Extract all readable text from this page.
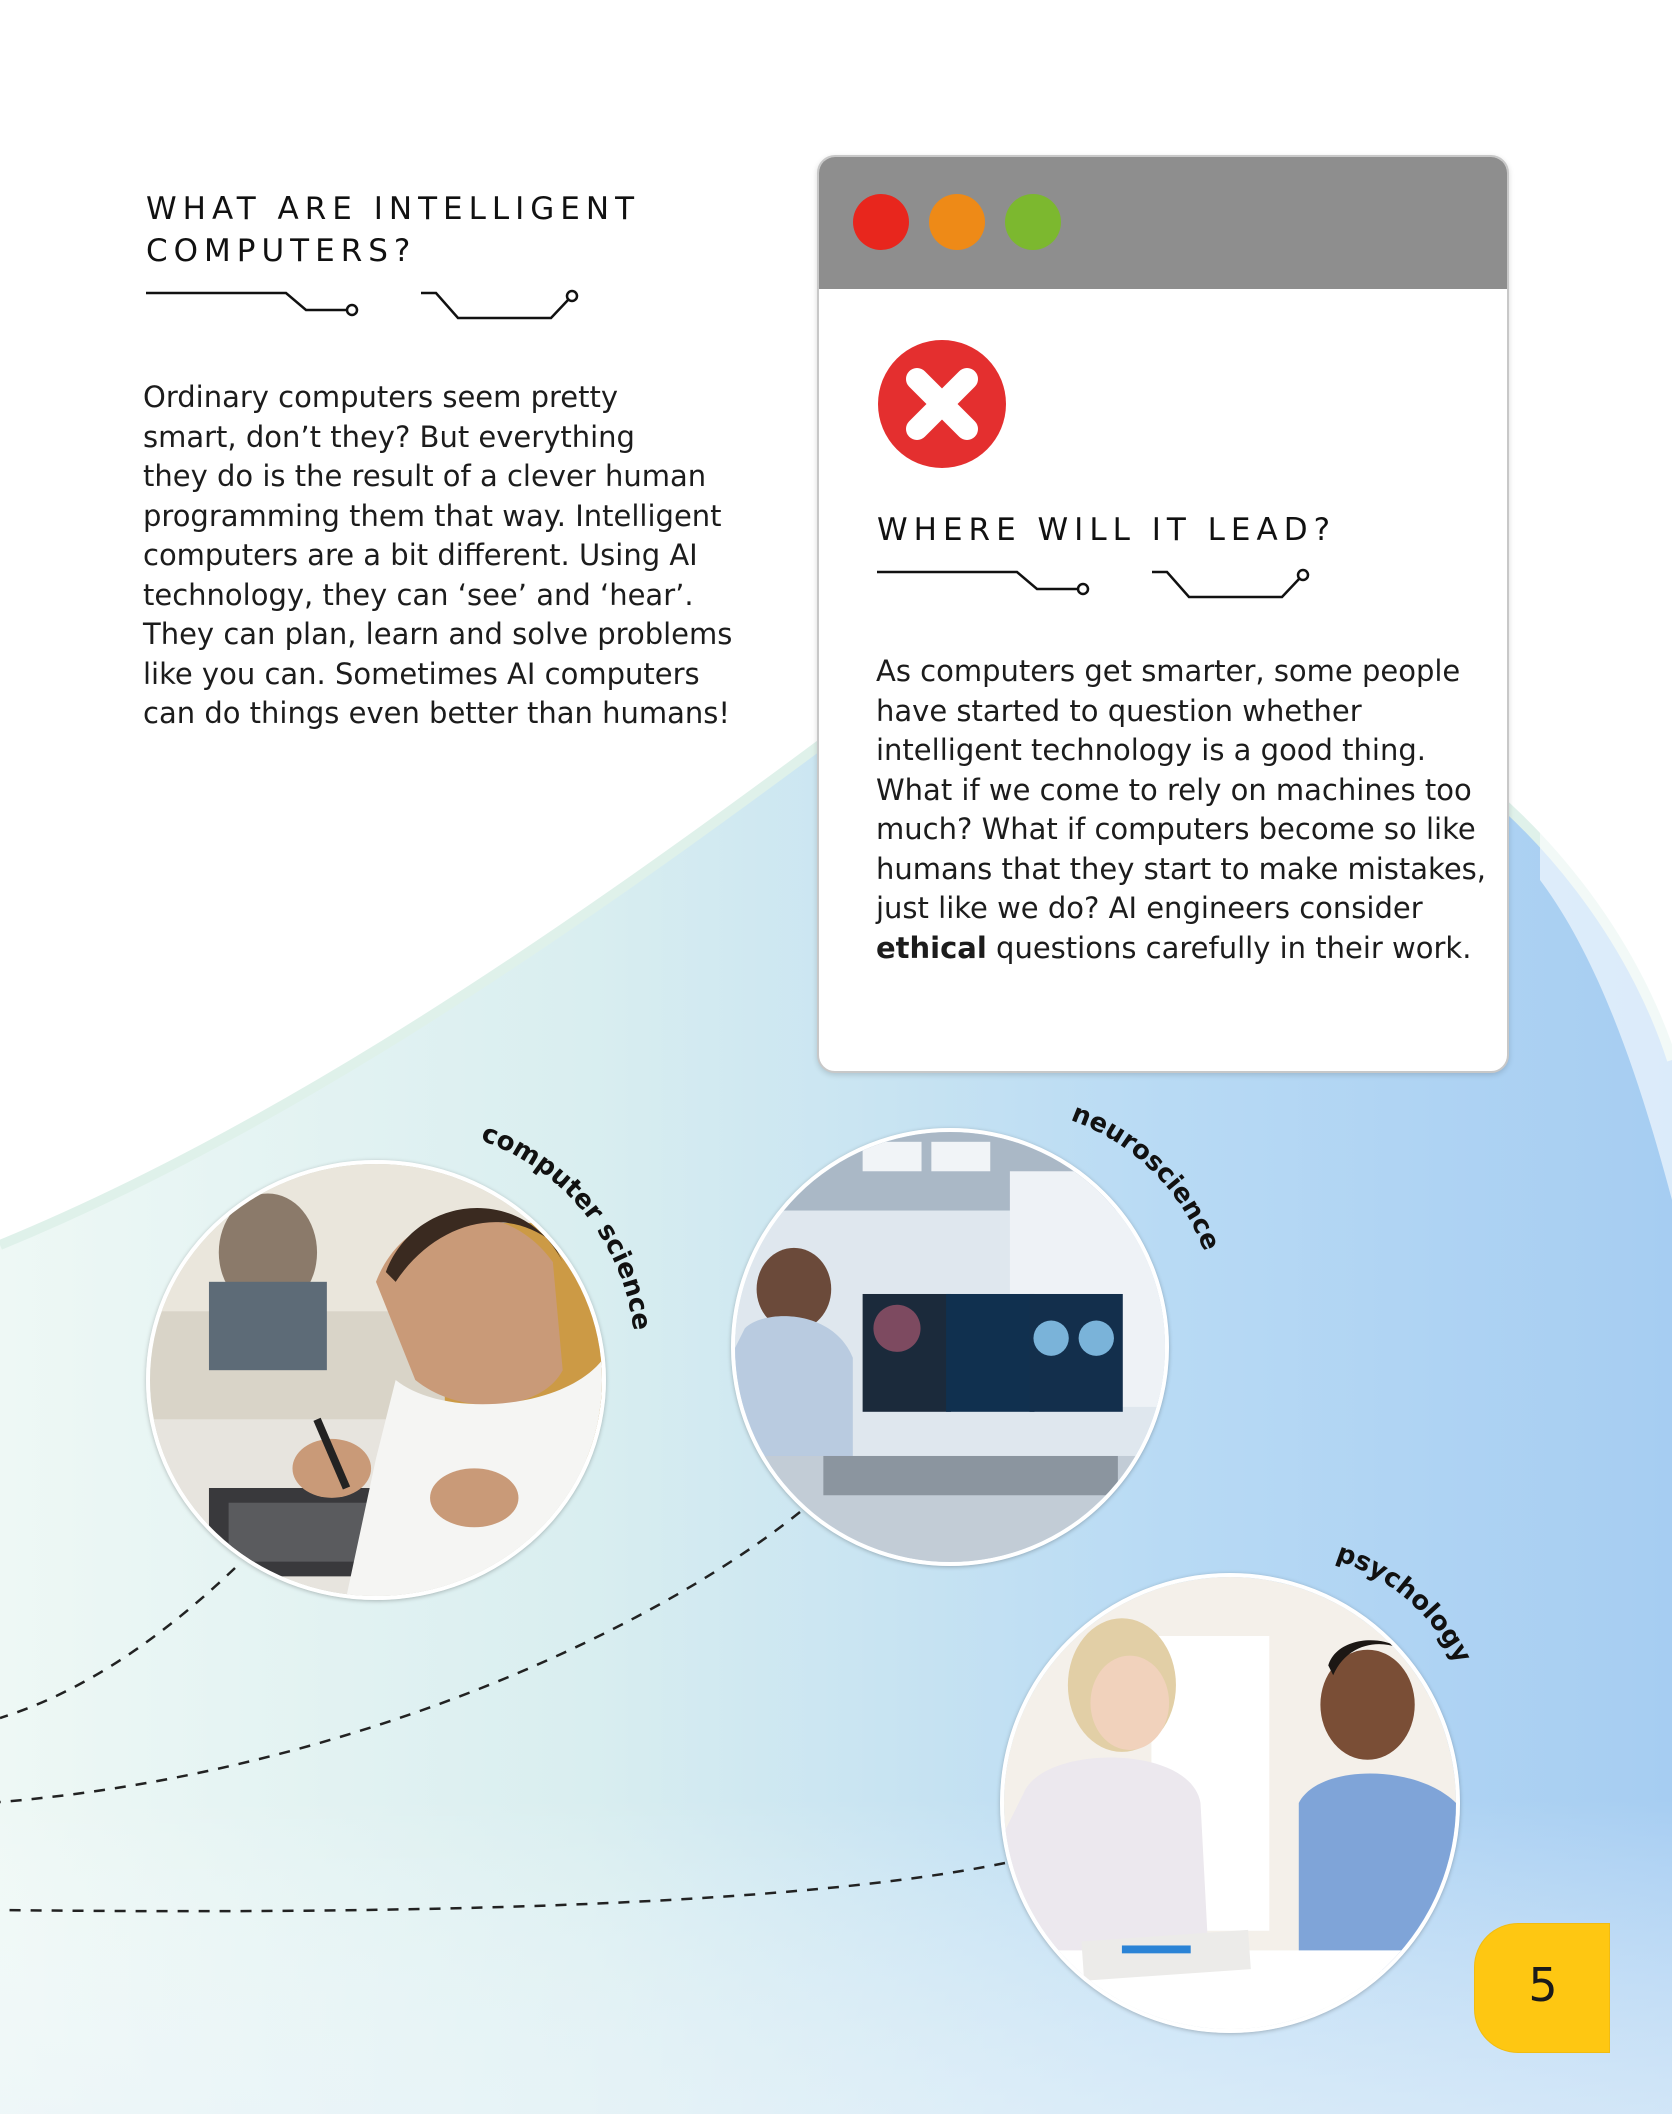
WHAT ARE INTELLIGENT
COMPUTERS?
Ordinary computers seem pretty
smart, don’t they? But everything
they do is the result of a clever human
programming them that way. Intelligent
computers are a bit different. Using AI
technology, they can ‘see’ and ‘hear’.
They can plan, learn and solve problems
like you can. Sometimes AI computers
can do things even better than humans!
WHERE WILL IT LEAD?
As computers get smarter, some people
have started to question whether
intelligent technology is a good thing.
What if we come to rely on machines too
much? What if computers become so like
humans that they start to make mistakes,
just like we do? AI engineers consider
ethical questions carefully in their work.
computer science
neuroscience
psychology
5
